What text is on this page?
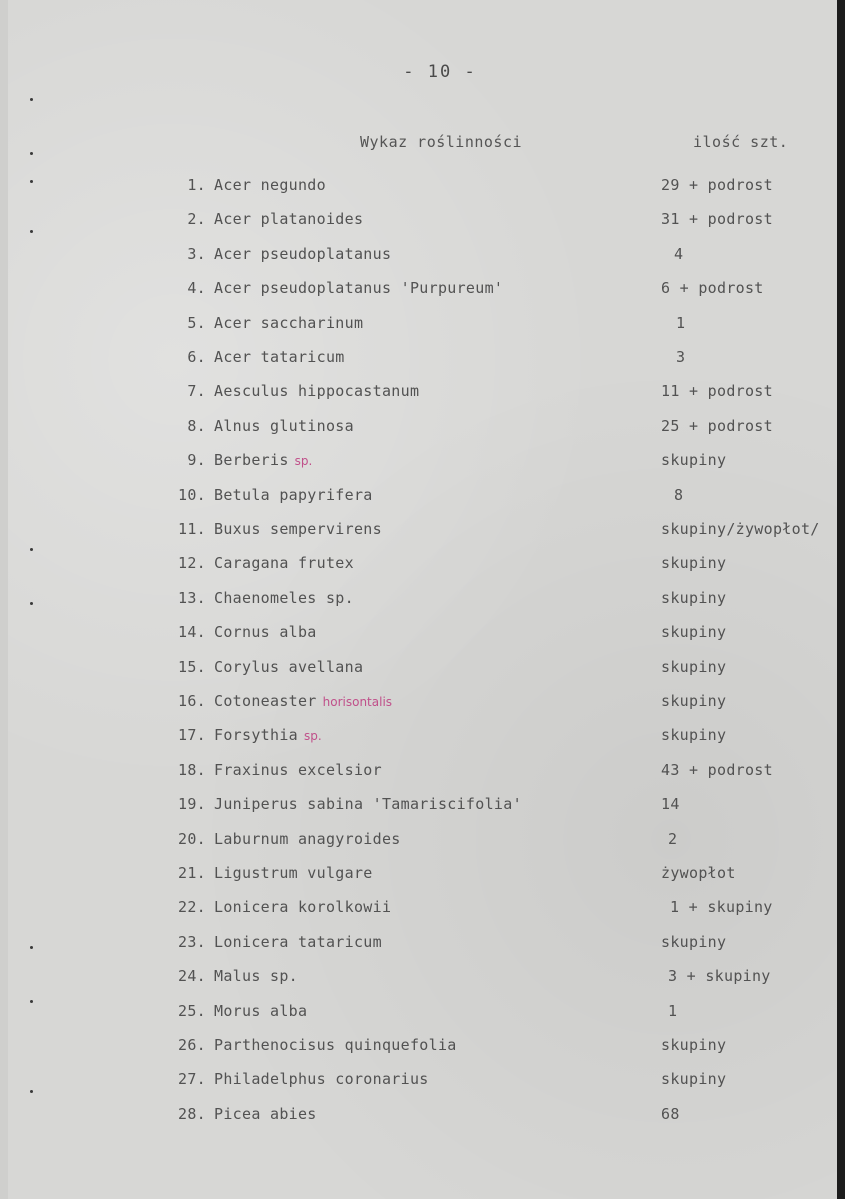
- 10 -
Wykaz roślinności	ilość szt.
1. Acer negundo	29 + podrost
2. Acer platanoides	31 + podrost
3. Acer pseudoplatanus	4
4. Acer pseudoplatanus 'Purpureum'	6 + podrost
5. Acer saccharinum	1
6. Acer tataricum	3
7. Aesculus hippocastanum	11 + podrost
8. Alnus glutinosa	25 + podrost
9. Berberis sp.	skupiny
10. Betula papyrifera	8
11. Buxus sempervirens	skupiny/żywopłot/
12. Caragana frutex	skupiny
13. Chaenomeles sp.	skupiny
14. Cornus alba	skupiny
15. Corylus avellana	skupiny
16. Cotoneaster horisontalis	skupiny
17. Forsythia sp.	skupiny
18. Fraxinus excelsior	43 + podrost
19. Juniperus sabina 'Tamariscifolia'	14
20. Laburnum anagyroides	2
21. Ligustrum vulgare	żywopłot
22. Lonicera korolkowii	1 + skupiny
23. Lonicera tataricum	skupiny
24. Malus sp.	3 + skupiny
25. Morus alba	1
26. Parthenocisus quinquefolia	skupiny
27. Philadelphus coronarius	skupiny
28. Picea abies	68
